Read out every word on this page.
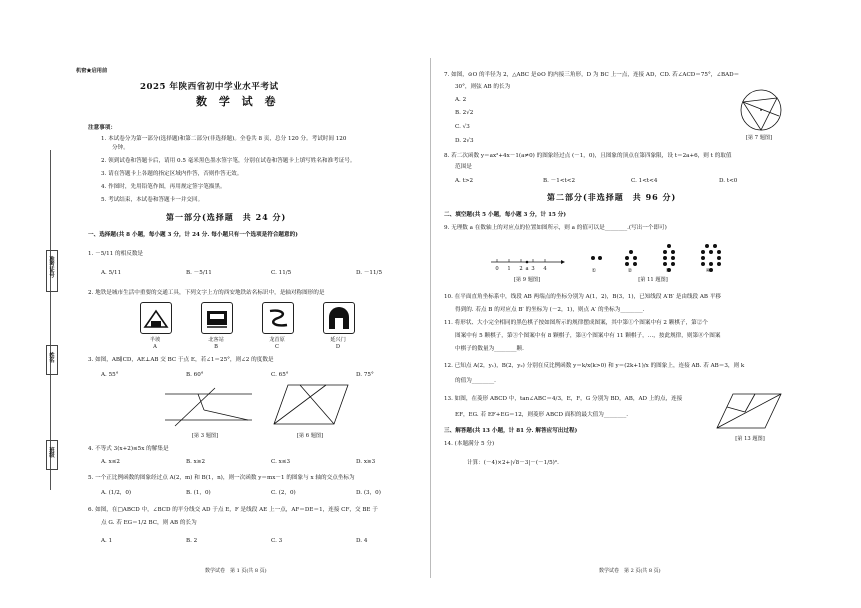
准考证号
姓名
班级
机密★启用前
2025 年陕西省初中学业水平考试
数 学 试 卷
注意事项：
1. 本试卷分为第一部分(选择题)和第二部分(非选择题)。全卷共 8 页，总分 120 分。考试时间 120
分钟。
2. 领到试卷和答题卡后，请用 0.5 毫米黑色墨水签字笔，分别在试卷和答题卡上填写姓名和准考证号。
3. 请在答题卡上各题的指定区域内作答，否则作答无效。
4. 作图时，先用铅笔作图，再用规定签字笔描黑。
5. 考试结束，本试卷和答题卡一并交回。
第一部分(选择题　共 24 分)
一、选择题(共 8 小题，每小题 3 分，计 24 分. 每小题只有一个选项是符合题意的)
1. －5/11 的相反数是
A. 5/11	B. －5/11	C. 11/5	D. －11/5
2. 地铁是城市生活中重要的交通工具，下列文字上方的西安地铁站名标识中，是轴对称图形的是
半坡	北客站	龙首原	延兴门
A	B	C	D
3. 如图，AB∥CD，AE⊥AB 交 BC 于点 E，若∠1＝25°，则∠2 的度数是
A. 55°	B. 60°	C. 65°	D. 75°
[第 3 题图]	[第 6 题图]
4. 不等式 3(x+2)≤5x 的解集是
A. x≤2	B. x≥2	C. x≤3	D. x≥3
5. 一个正比例函数的图象经过点 A(2，m) 和 B(1，n)，则一次函数 y＝mx－1 的图象与 x 轴的交点坐标为
A. (1/2，0)	B. (1，0)	C. (2，0)	D. (3，0)
6. 如图，在□ABCD 中，∠BCD 的平分线交 AD 于点 E，F 是线段 AE 上一点，AF＝DE＝1，连接 CF，交 BE 于
点 G. 若 EG＝1/2 BC，则 AB 的长为
A. 1	B. 2	C. 3	D. 4
数学试卷　第 1 页(共 8 页)
7. 如图，⊙O 的半径为 2，△ABC 是⊙O 的内接三角形，D 为 BC 上一点，连接 AD，CD. 若∠ACD＝75°，∠BAD＝
30°，则弦 AB 的长为
A. 2
B. 2√2
C. √3
D. 2√3	[第 7 题图]
8. 若二次函数 y＝ax²+4x－1(a≠0) 的图象经过点 (－1，0)，且图象的顶点在第四象限，设 t＝2a+6，则 t 的取值
范围是
A. t>2	B. －1<t<2	C. 1<t<4	D. t<0
第二部分(非选择题　共 96 分)
二、填空题(共 5 小题，每小题 3 分，计 15 分)
9. 无理数 a 在数轴上的对应点的位置如图所示，则 a 的值可以是________.(写出一个即可)
0 1 2 a 3 4
[第 9 题图]
①	②	③	④
[第 11 题图]
10. 在平面直角坐标系中，线段 AB 两端点的坐标分别为 A(1，2)，B(3，1)，已知线段 A′B′ 是由线段 AB 平移
得到的. 若点 B 的对应点 B′ 的坐标为 (－2，1)，则点 A′ 的坐标为________.
11. 将形状、大小完全相同的黑色棋子按如图所示的规律摆成图案，其中第①个图案中有 2 颗棋子，第②个
图案中有 5 颗棋子，第③个图案中有 8 颗棋子，第④个图案中有 11 颗棋子，…，按此规律，则第⑧个图案
中棋子的数量为________颗.
12. 已知点 A(2，y₁)，B(2，y₂) 分别在反比例函数 y＝k/x(k>0) 和 y＝(2k+1)/x 的图象上，连接 AB. 若 AB＝3，则 k
的值为________.
13. 如图，在菱形 ABCD 中，tan∠ABC＝4/3，E，F，G 分别为 BD，AB，AD 上的点，连接
EF，EG. 若 EF+EG＝12，则菱形 ABCD 面积的最大值为________.
[第 13 题图]
三、解答题(共 13 小题，计 81 分. 解答应写出过程)
14. (本题满分 5 分)
计算：(－4)×2+|√8－3|－(－1/5)⁰.
数学试卷　第 2 页(共 8 页)
